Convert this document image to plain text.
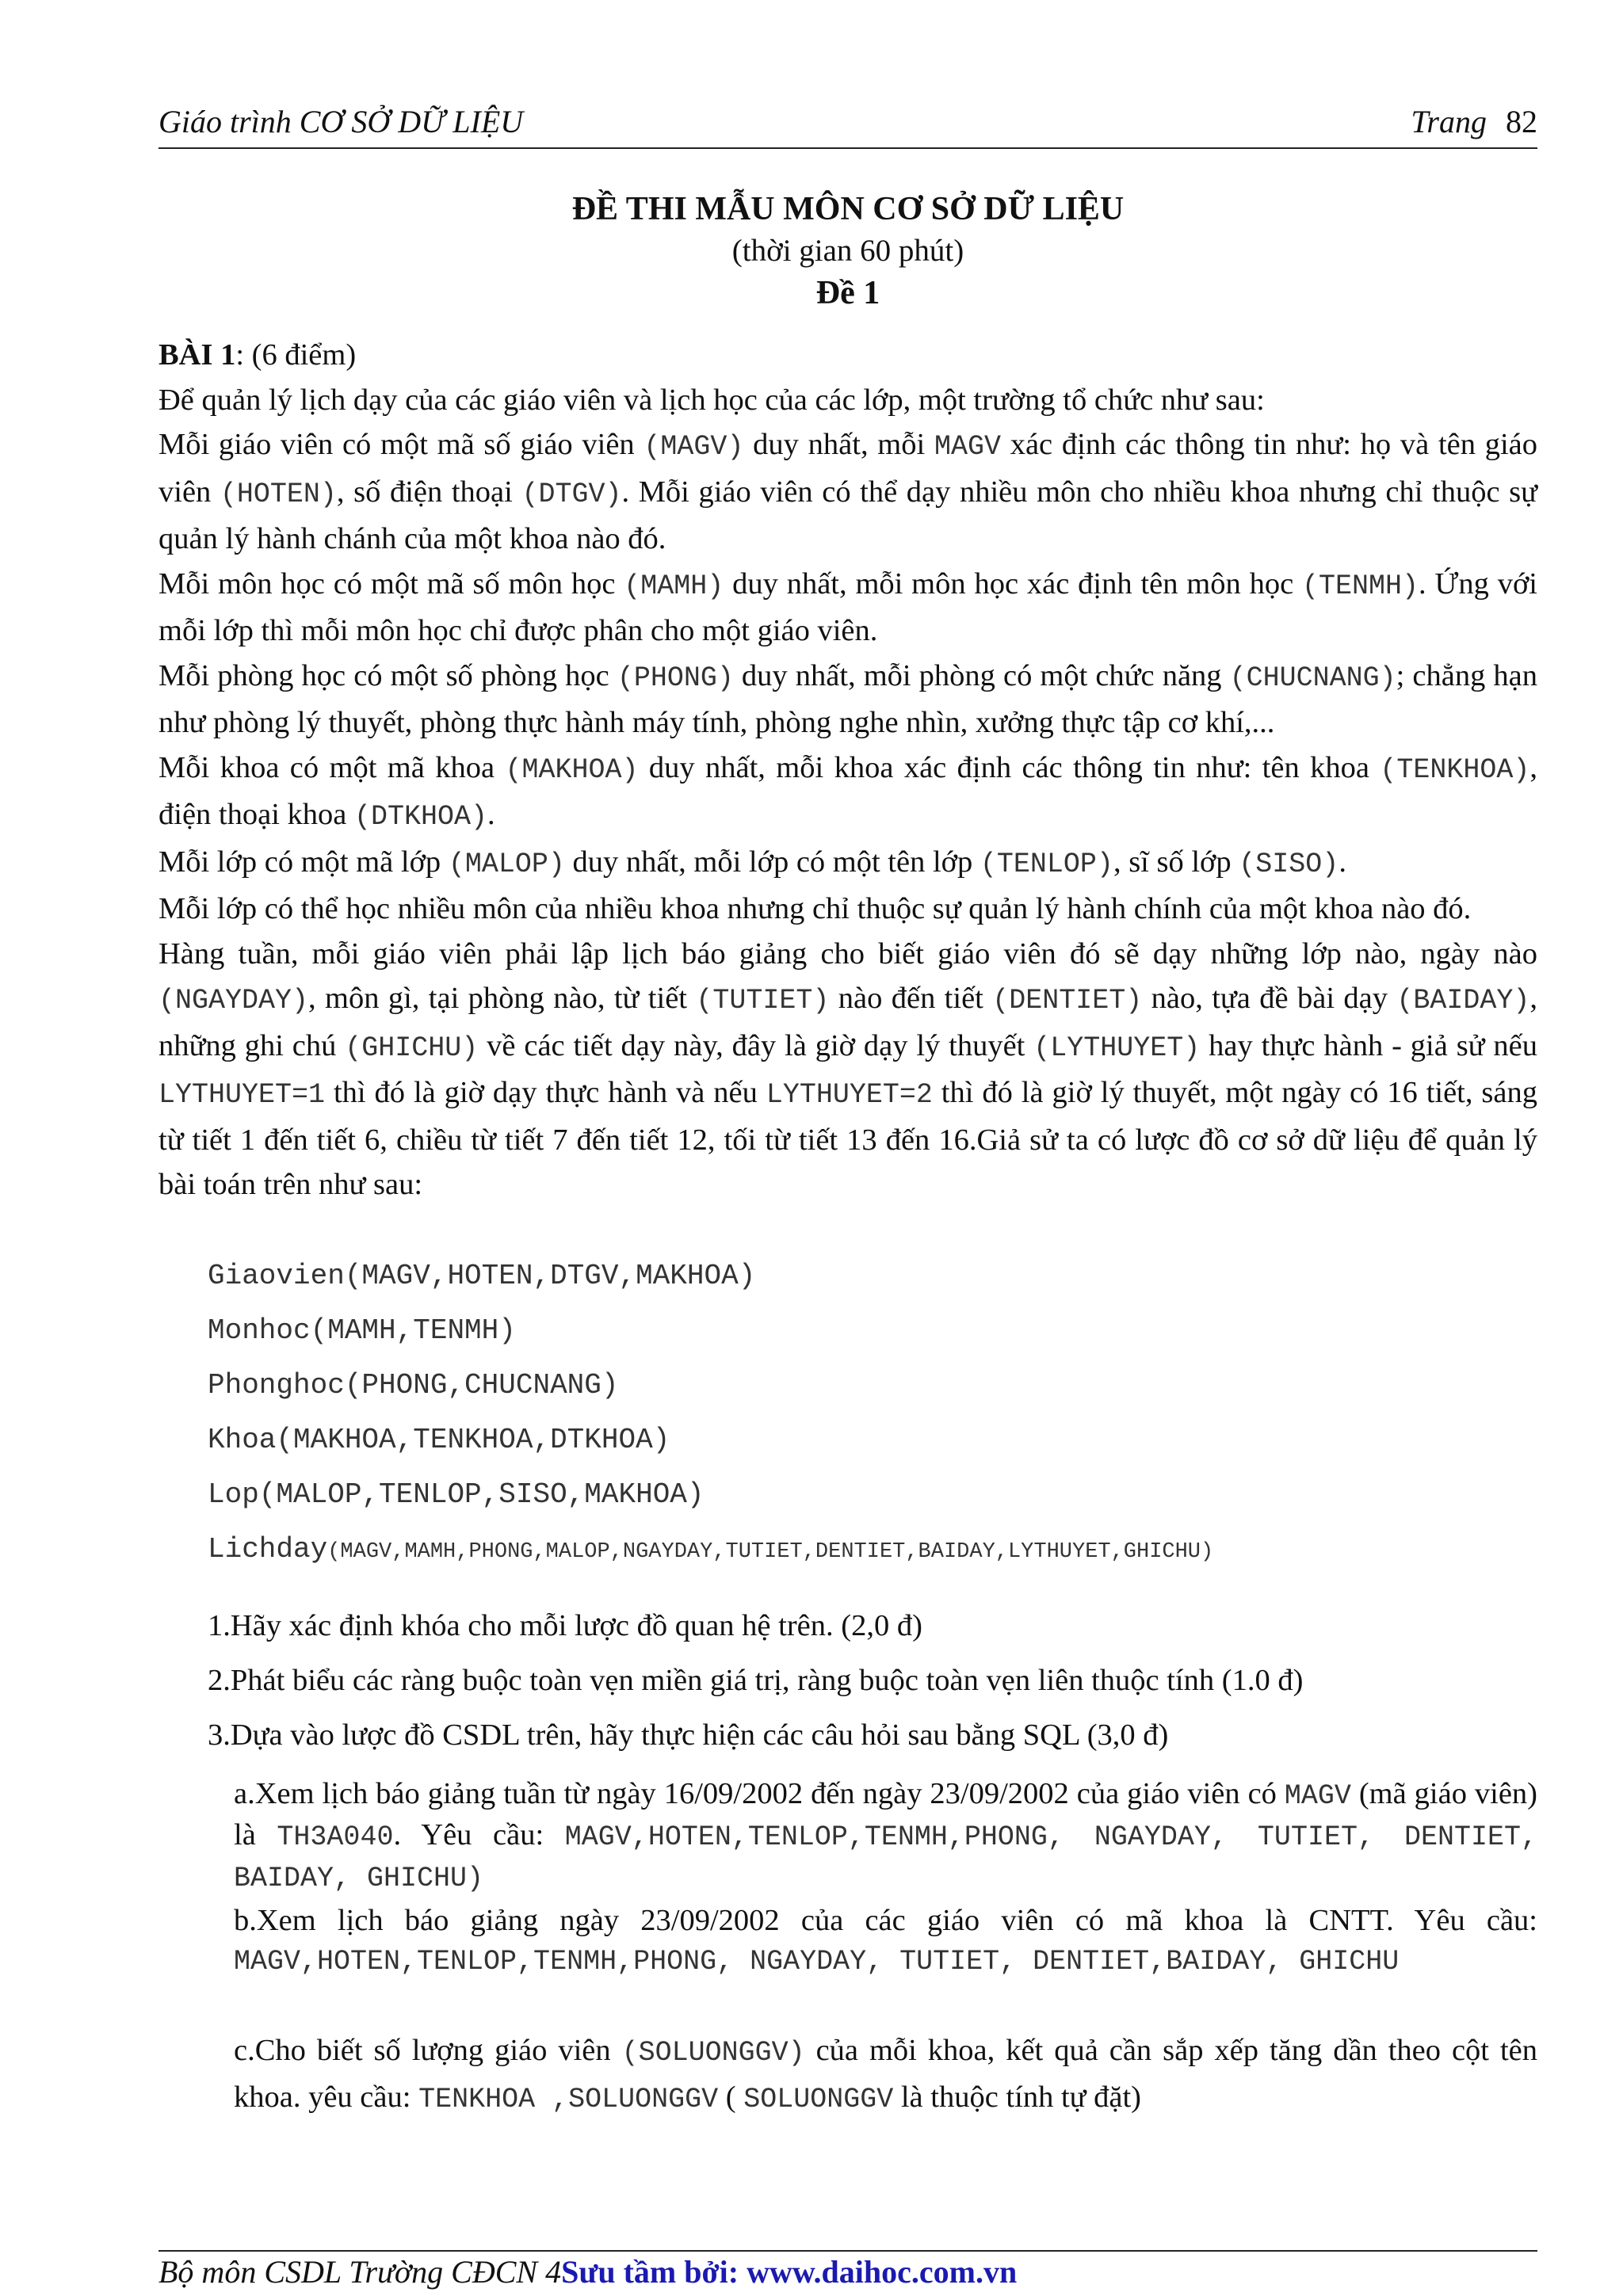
Giáo trình CƠ SỞ DỮ LIỆU	Trang 82
ĐỀ THI MẪU MÔN CƠ SỞ DỮ LIỆU
(thời gian 60 phút)
Đề 1

BÀI 1: (6 điểm)

Để quản lý lịch dạy của các giáo viên và lịch học của các lớp, một trường tổ chức như sau:

Mỗi giáo viên có một mã số giáo viên (MAGV) duy nhất, mỗi MAGV xác định các thông tin như: họ và tên giáo viên (HOTEN), số điện thoại (DTGV). Mỗi giáo viên có thể dạy nhiều môn cho nhiều khoa nhưng chỉ thuộc sự quản lý hành chánh của một khoa nào đó.

Mỗi môn học có một mã số môn học (MAMH) duy nhất, mỗi môn học xác định tên môn học (TENMH). Ứng với mỗi lớp thì mỗi môn học chỉ được phân cho một giáo viên.

Mỗi phòng học có một số phòng học (PHONG) duy nhất, mỗi phòng có một chức năng (CHUCNANG); chẳng hạn như phòng lý thuyết, phòng thực hành máy tính, phòng nghe nhìn, xưởng thực tập cơ khí,...

Mỗi khoa có một mã khoa (MAKHOA) duy nhất, mỗi khoa xác định các thông tin như: tên khoa (TENKHOA), điện thoại khoa (DTKHOA).

Mỗi lớp có một mã lớp (MALOP) duy nhất, mỗi lớp có một tên lớp (TENLOP), sĩ số lớp (SISO).

Mỗi lớp có thể học nhiều môn của nhiều khoa nhưng chỉ thuộc sự quản lý hành chính của một khoa nào đó.

Hàng tuần, mỗi giáo viên phải lập lịch báo giảng cho biết giáo viên đó sẽ dạy những lớp nào, ngày nào (NGAYDAY), môn gì, tại phòng nào, từ tiết (TUTIET) nào đến tiết (DENTIET) nào, tựa đề bài dạy (BAIDAY), những ghi chú (GHICHU) về các tiết dạy này, đây là giờ dạy lý thuyết (LYTHUYET) hay thực hành - giả sử nếu LYTHUYET=1 thì đó là giờ dạy thực hành và nếu LYTHUYET=2 thì đó là giờ lý thuyết, một ngày có 16 tiết, sáng từ tiết 1 đến tiết 6, chiều từ tiết 7 đến tiết 12, tối từ tiết 13 đến 16.Giả sử ta có lược đồ cơ sở dữ liệu để quản lý bài toán trên như sau:

Giaovien(MAGV,HOTEN,DTGV,MAKHOA)
Monhoc(MAMH,TENMH)
Phonghoc(PHONG,CHUCNANG)
Khoa(MAKHOA,TENKHOA,DTKHOA)
Lop(MALOP,TENLOP,SISO,MAKHOA)
Lichday(MAGV,MAMH,PHONG,MALOP,NGAYDAY,TUTIET,DENTIET,BAIDAY,LYTHUYET,GHICHU)
1.Hãy xác định khóa cho mỗi lược đồ quan hệ trên. (2,0 đ)
2.Phát biểu các ràng buộc toàn vẹn miền giá trị, ràng buộc toàn vẹn liên thuộc tính (1.0 đ)
3.Dựa vào lược đồ CSDL trên, hãy thực hiện các câu hỏi sau bằng SQL (3,0 đ)

a.Xem lịch báo giảng tuần từ ngày 16/09/2002 đến ngày 23/09/2002 của giáo viên có MAGV (mã giáo viên) là TH3A040. Yêu cầu: MAGV,HOTEN,TENLOP,TENMH,PHONG, NGAYDAY, TUTIET, DENTIET, BAIDAY, GHICHU)

b.Xem lịch báo giảng ngày 23/09/2002 của các giáo viên có mã khoa là CNTT. Yêu cầu: MAGV,HOTEN,TENLOP,TENMH,PHONG, NGAYDAY, TUTIET, DENTIET,BAIDAY, GHICHU

c.Cho biết số lượng giáo viên (SOLUONGGV) của mỗi khoa, kết quả cần sắp xếp tăng dần theo cột tên khoa. yêu cầu: TENKHOA ,SOLUONGGV ( SOLUONGGV là thuộc tính tự đặt)

Bộ môn CSDL Trường CĐCN 4Sưu tầm bởi: www.daihoc.com.vn
